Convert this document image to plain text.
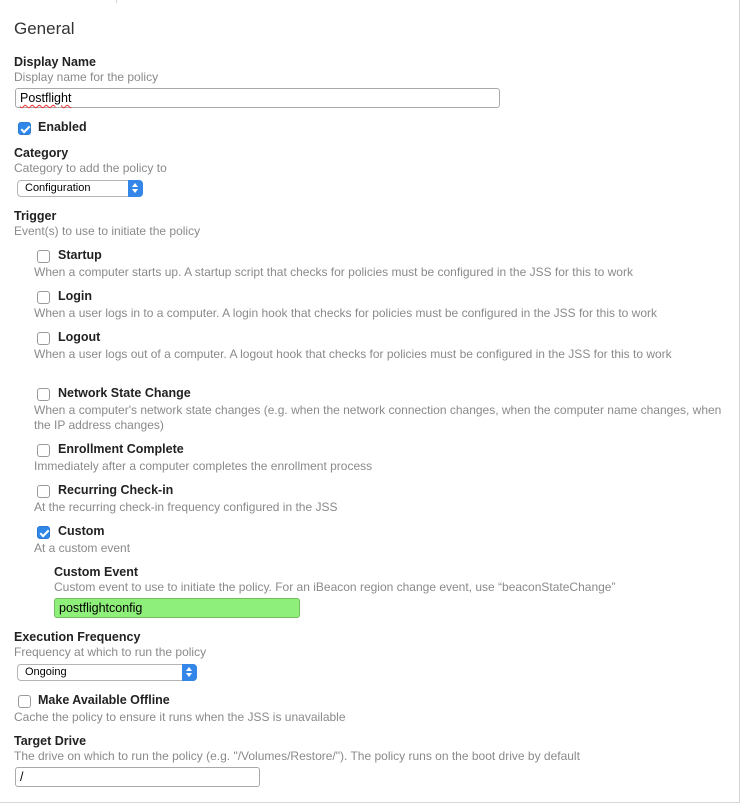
General
Display Name
Display name for the policy
Postflight
Enabled
Category
Category to add the policy to
Configuration
Trigger
Event(s) to use to initiate the policy
Startup
When a computer starts up. A startup script that checks for policies must be configured in the JSS for this to work
Login
When a user logs in to a computer. A login hook that checks for policies must be configured in the JSS for this to work
Logout
When a user logs out of a computer. A logout hook that checks for policies must be configured in the JSS for this to work
Network State Change
When a computer's network state changes (e.g. when the network connection changes, when the computer name changes, when the IP address changes)
Enrollment Complete
Immediately after a computer completes the enrollment process
Recurring Check-in
At the recurring check-in frequency configured in the JSS
Custom
At a custom event
Custom Event
Custom event to use to initiate the policy. For an iBeacon region change event, use “beaconStateChange”
postflightconfig
Execution Frequency
Frequency at which to run the policy
Ongoing
Make Available Offline
Cache the policy to ensure it runs when the JSS is unavailable
Target Drive
The drive on which to run the policy (e.g. "/Volumes/Restore/"). The policy runs on the boot drive by default
/
